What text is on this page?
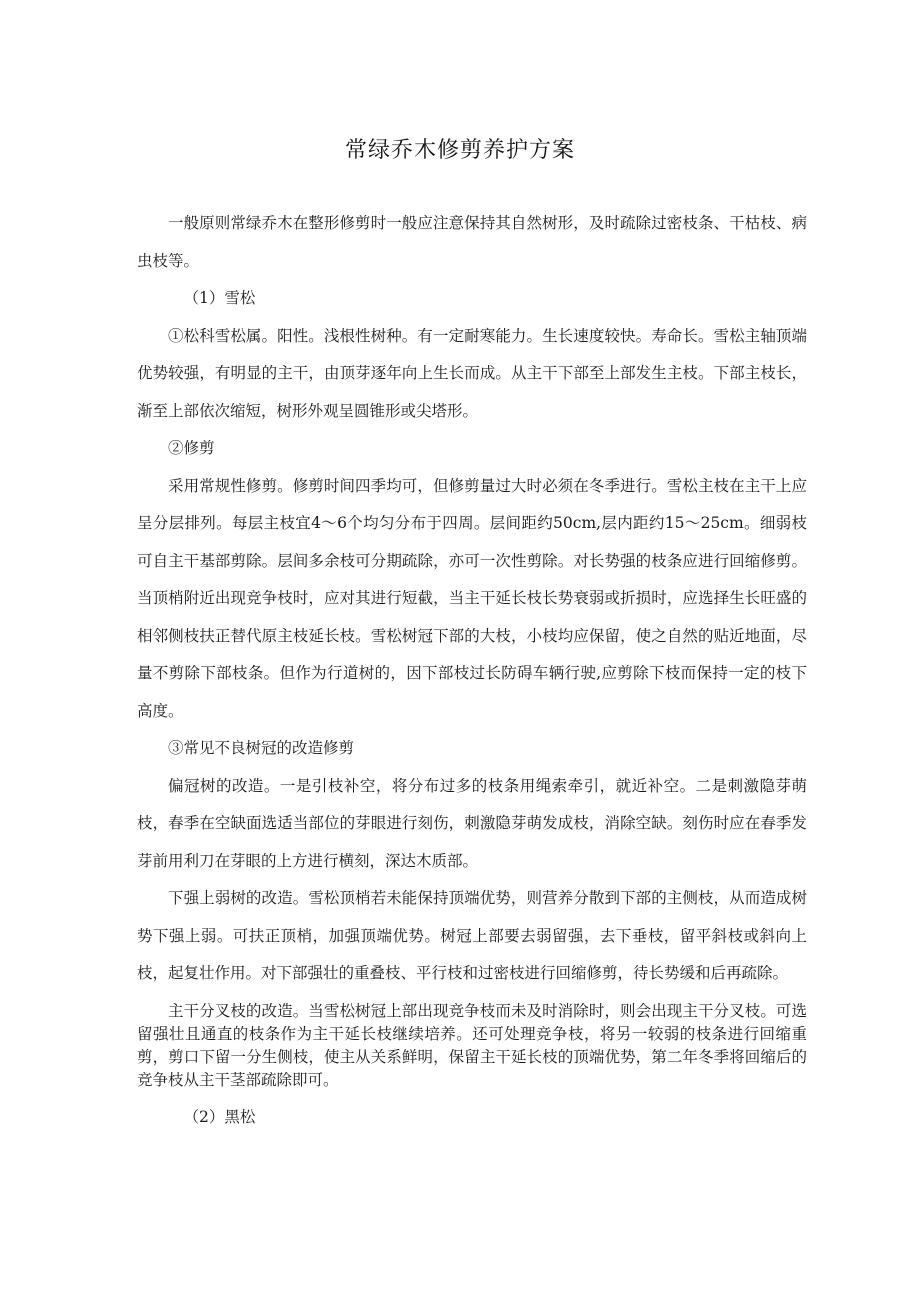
常绿乔木修剪养护方案

一般原则常绿乔木在整形修剪时一般应注意保持其自然树形，及时疏除过密枝条、干枯枝、病虫枝等。

（1）雪松

①松科雪松属。阳性。浅根性树种。有一定耐寒能力。生长速度较快。寿命长。雪松主轴顶端优势较强，有明显的主干，由顶芽逐年向上生长而成。从主干下部至上部发生主枝。下部主枝长，渐至上部依次缩短，树形外观呈圆锥形或尖塔形。

②修剪

采用常规性修剪。修剪时间四季均可，但修剪量过大时必须在冬季进行。雪松主枝在主干上应呈分层排列。每层主枝宜4～6个均匀分布于四周。层间距约50cm,层内距约15～25cm。细弱枝可自主干基部剪除。层间多余枝可分期疏除，亦可一次性剪除。对长势强的枝条应进行回缩修剪。当顶梢附近出现竞争枝时，应对其进行短截，当主干延长枝长势衰弱或折损时，应选择生长旺盛的相邻侧枝扶正替代原主枝延长枝。雪松树冠下部的大枝，小枝均应保留，使之自然的贴近地面，尽量不剪除下部枝条。但作为行道树的，因下部枝过长防碍车辆行驶,应剪除下枝而保持一定的枝下高度。

③常见不良树冠的改造修剪

偏冠树的改造。一是引枝补空，将分布过多的枝条用绳索牵引，就近补空。二是刺激隐芽萌枝，春季在空缺面选适当部位的芽眼进行刻伤，刺激隐芽萌发成枝，消除空缺。刻伤时应在春季发芽前用利刀在芽眼的上方进行横刻，深达木质部。

下强上弱树的改造。雪松顶梢若未能保持顶端优势，则营养分散到下部的主侧枝，从而造成树势下强上弱。可扶正顶梢，加强顶端优势。树冠上部要去弱留强，去下垂枝，留平斜枝或斜向上枝，起复壮作用。对下部强壮的重叠枝、平行枝和过密枝进行回缩修剪，待长势缓和后再疏除。

主干分叉枝的改造。当雪松树冠上部出现竞争枝而未及时消除时，则会出现主干分叉枝。可选留强壮且通直的枝条作为主干延长枝继续培养。还可处理竞争枝，将另一较弱的枝条进行回缩重剪，剪口下留一分生侧枝，使主从关系鲜明，保留主干延长枝的顶端优势，第二年冬季将回缩后的竞争枝从主干茎部疏除即可。

（2）黑松
